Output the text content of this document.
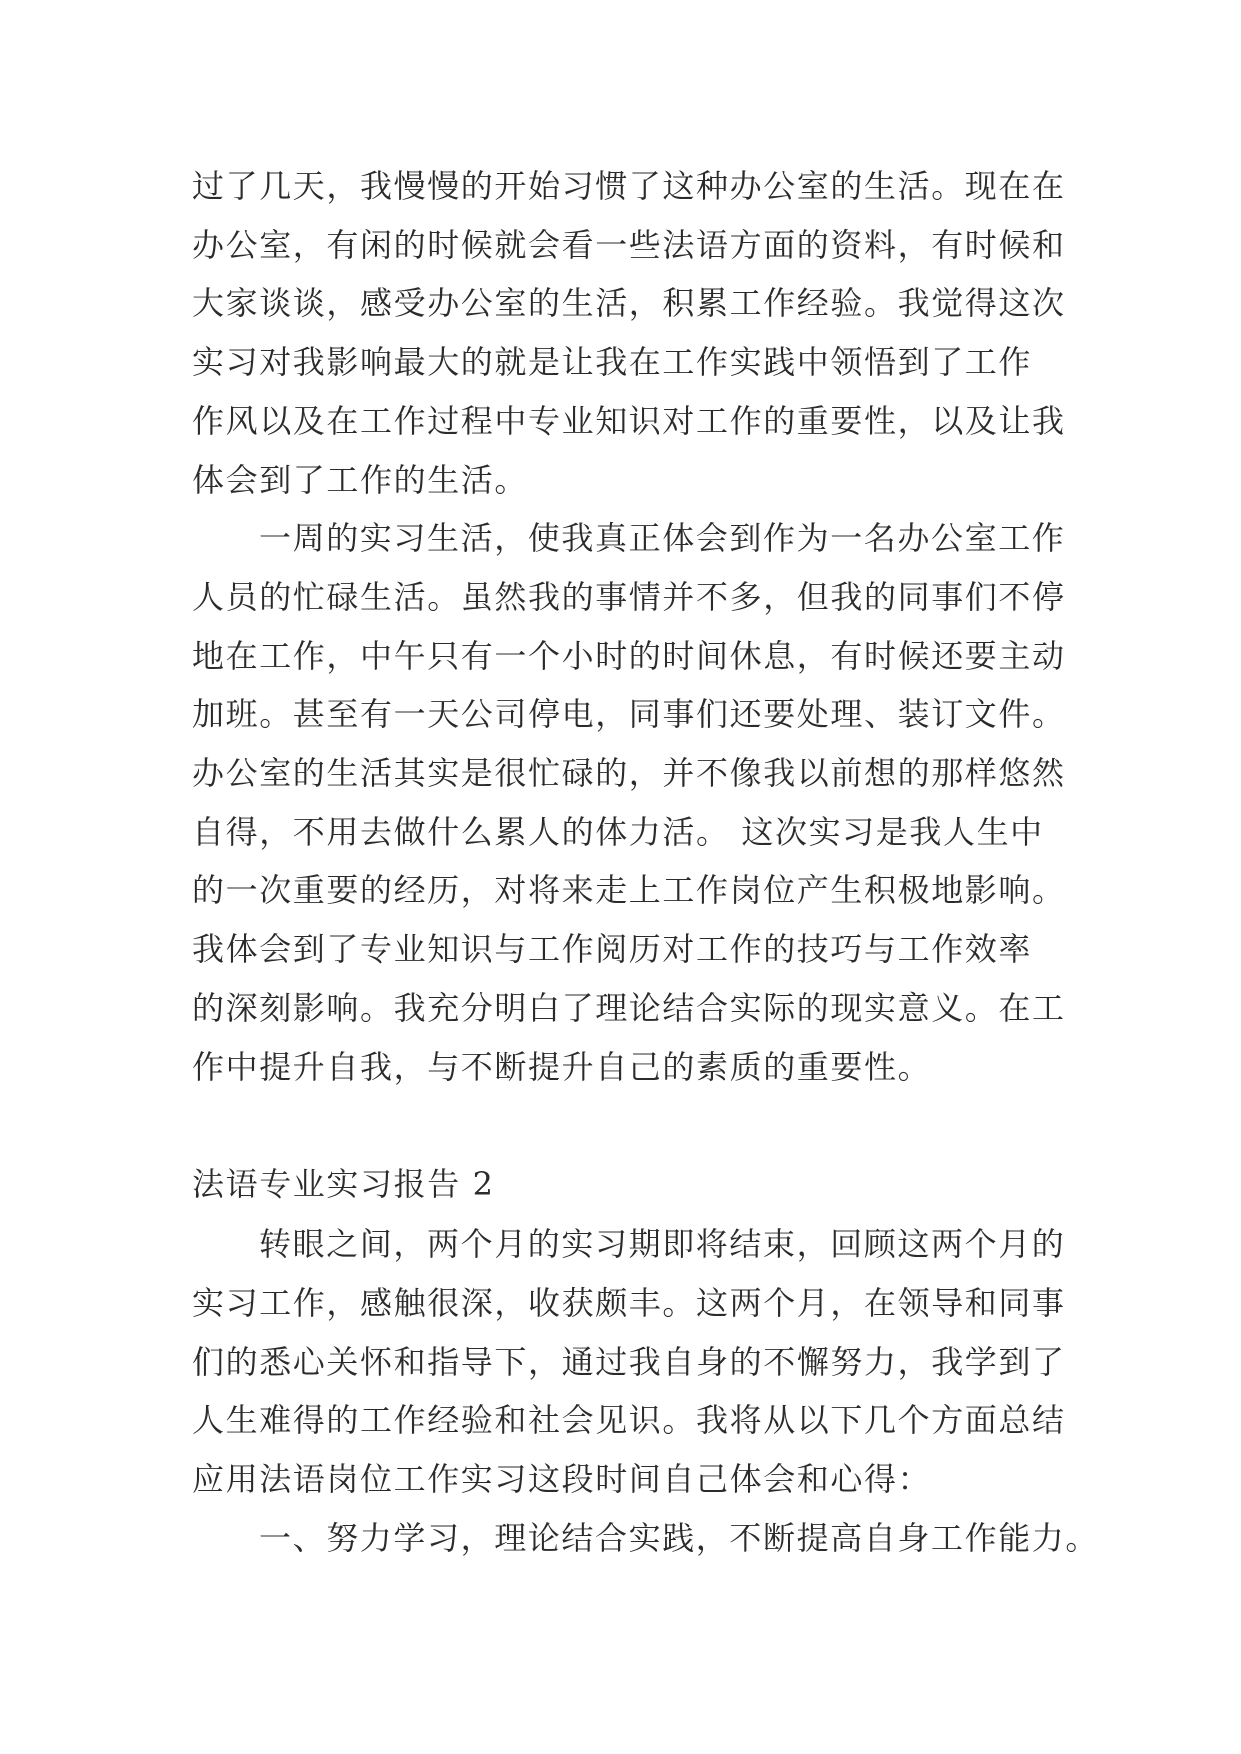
过了几天，我慢慢的开始习惯了这种办公室的生活。现在在
办公室，有闲的时候就会看一些法语方面的资料，有时候和
大家谈谈，感受办公室的生活，积累工作经验。我觉得这次
实习对我影响最大的就是让我在工作实践中领悟到了工作
作风以及在工作过程中专业知识对工作的重要性，以及让我
体会到了工作的生活。
一周的实习生活，使我真正体会到作为一名办公室工作
人员的忙碌生活。虽然我的事情并不多，但我的同事们不停
地在工作，中午只有一个小时的时间休息，有时候还要主动
加班。甚至有一天公司停电，同事们还要处理、装订文件。
办公室的生活其实是很忙碌的，并不像我以前想的那样悠然
自得，不用去做什么累人的体力活。 这次实习是我人生中
的一次重要的经历，对将来走上工作岗位产生积极地影响。
我体会到了专业知识与工作阅历对工作的技巧与工作效率
的深刻影响。我充分明白了理论结合实际的现实意义。在工
作中提升自我，与不断提升自己的素质的重要性。
法语专业实习报告 2
转眼之间，两个月的实习期即将结束，回顾这两个月的
实习工作，感触很深，收获颇丰。这两个月，在领导和同事
们的悉心关怀和指导下，通过我自身的不懈努力，我学到了
人生难得的工作经验和社会见识。我将从以下几个方面总结
应用法语岗位工作实习这段时间自己体会和心得：
一、努力学习，理论结合实践，不断提高自身工作能力。
